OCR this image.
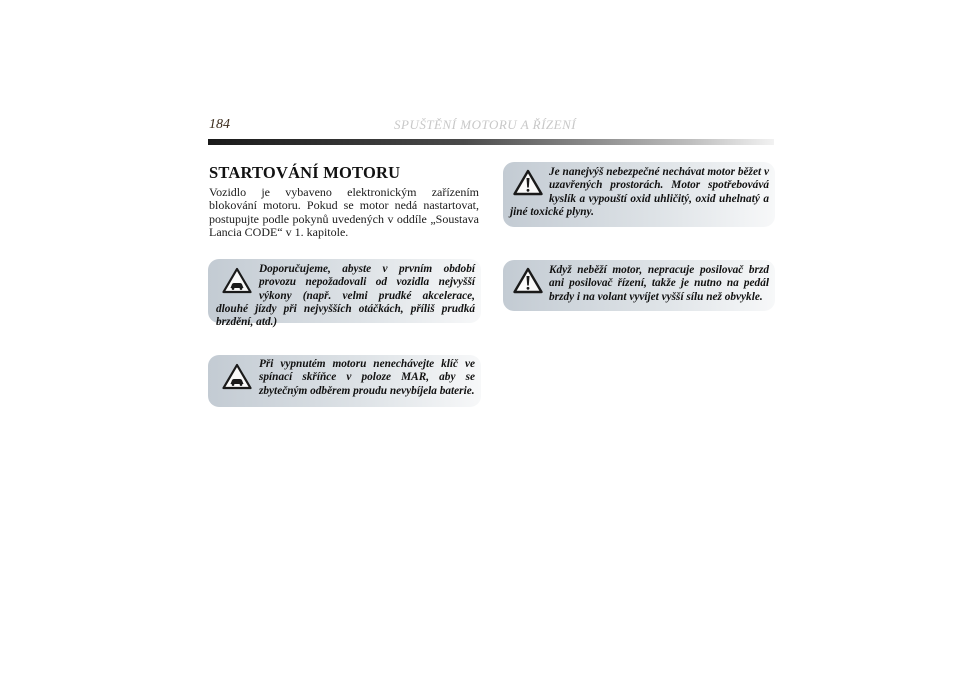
184	SPUŠTĚNÍ MOTORU A ŘÍZENÍ
STARTOVÁNÍ MOTORU
Vozidlo je vybaveno elektronickým zařízením blokování motoru. Pokud se motor nedá nastartovat, postupujte podle pokynů uvedených v oddíle „Soustava Lancia CODE“ v 1. kapitole.
Doporučujeme, abyste v prvním období provozu nepožadovali od vozidla nejvyšší výkony (např. velmi prudké akcelerace, dlouhé jízdy při nejvyšších otáčkách, příliš prudká brzdění, atd.)
Při vypnutém motoru nenechávejte klíč ve spínací skříňce v poloze MAR, aby se zbytečným odběrem proudu nevybíjela baterie.
Je nanejvýš nebezpečné nechávat motor běžet v uzavřených prostorách. Motor spotřebovává kyslík a vypouští oxid uhličitý, oxid uhelnatý a jiné toxické plyny.
Když neběží motor, nepracuje posilovač brzd ani posilovač řízení, takže je nutno na pedál brzdy i na volant vyvíjet vyšší sílu než obvykle.
